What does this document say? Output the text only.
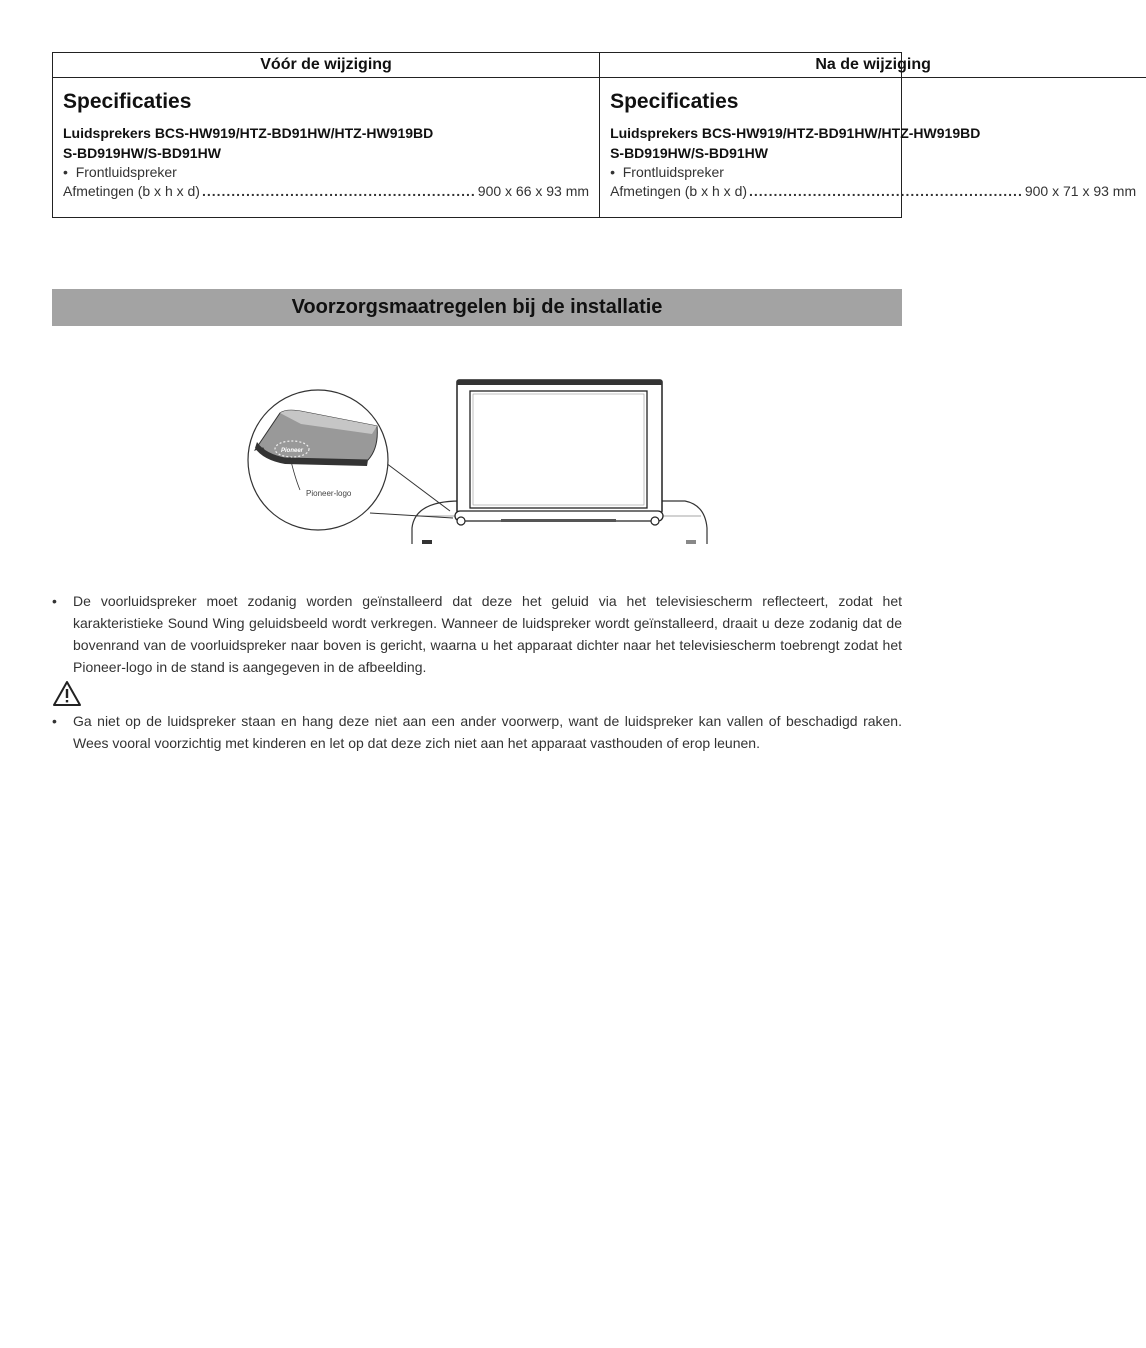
Vóór de wijziging
Specificaties
Luidsprekers BCS-HW919/HTZ-BD91HW/HTZ-HW919BD
S-BD919HW/S-BD91HW
• Frontluidspreker
Afmetingen (b x h x d) ........................................................ 900 x 66 x 93 mm
Na de wijziging
Specificaties
Luidsprekers BCS-HW919/HTZ-BD91HW/HTZ-HW919BD
S-BD919HW/S-BD91HW
• Frontluidspreker
Afmetingen (b x h x d) ........................................................ 900 x 71 x 93 mm
Voorzorgsmaatregelen bij de installatie
Pioneer
Pioneer-logo
•	De voorluidspreker moet zodanig worden geïnstalleerd dat deze het geluid via het televisiescherm reflecteert, zodat het karakteristieke Sound Wing geluidsbeeld wordt verkregen. Wanneer de luidspreker wordt geïnstalleerd, draait u deze zodanig dat de bovenrand van de voorluidspreker naar boven is gericht, waarna u het apparaat dichter naar het televisiescherm toebrengt zodat het Pioneer-logo in de stand is aangegeven in de afbeelding.
•	Ga niet op de luidspreker staan en hang deze niet aan een ander voorwerp, want de luidspreker kan vallen of beschadigd raken. Wees vooral voorzichtig met kinderen en let op dat deze zich niet aan het apparaat vasthouden of erop leunen.
